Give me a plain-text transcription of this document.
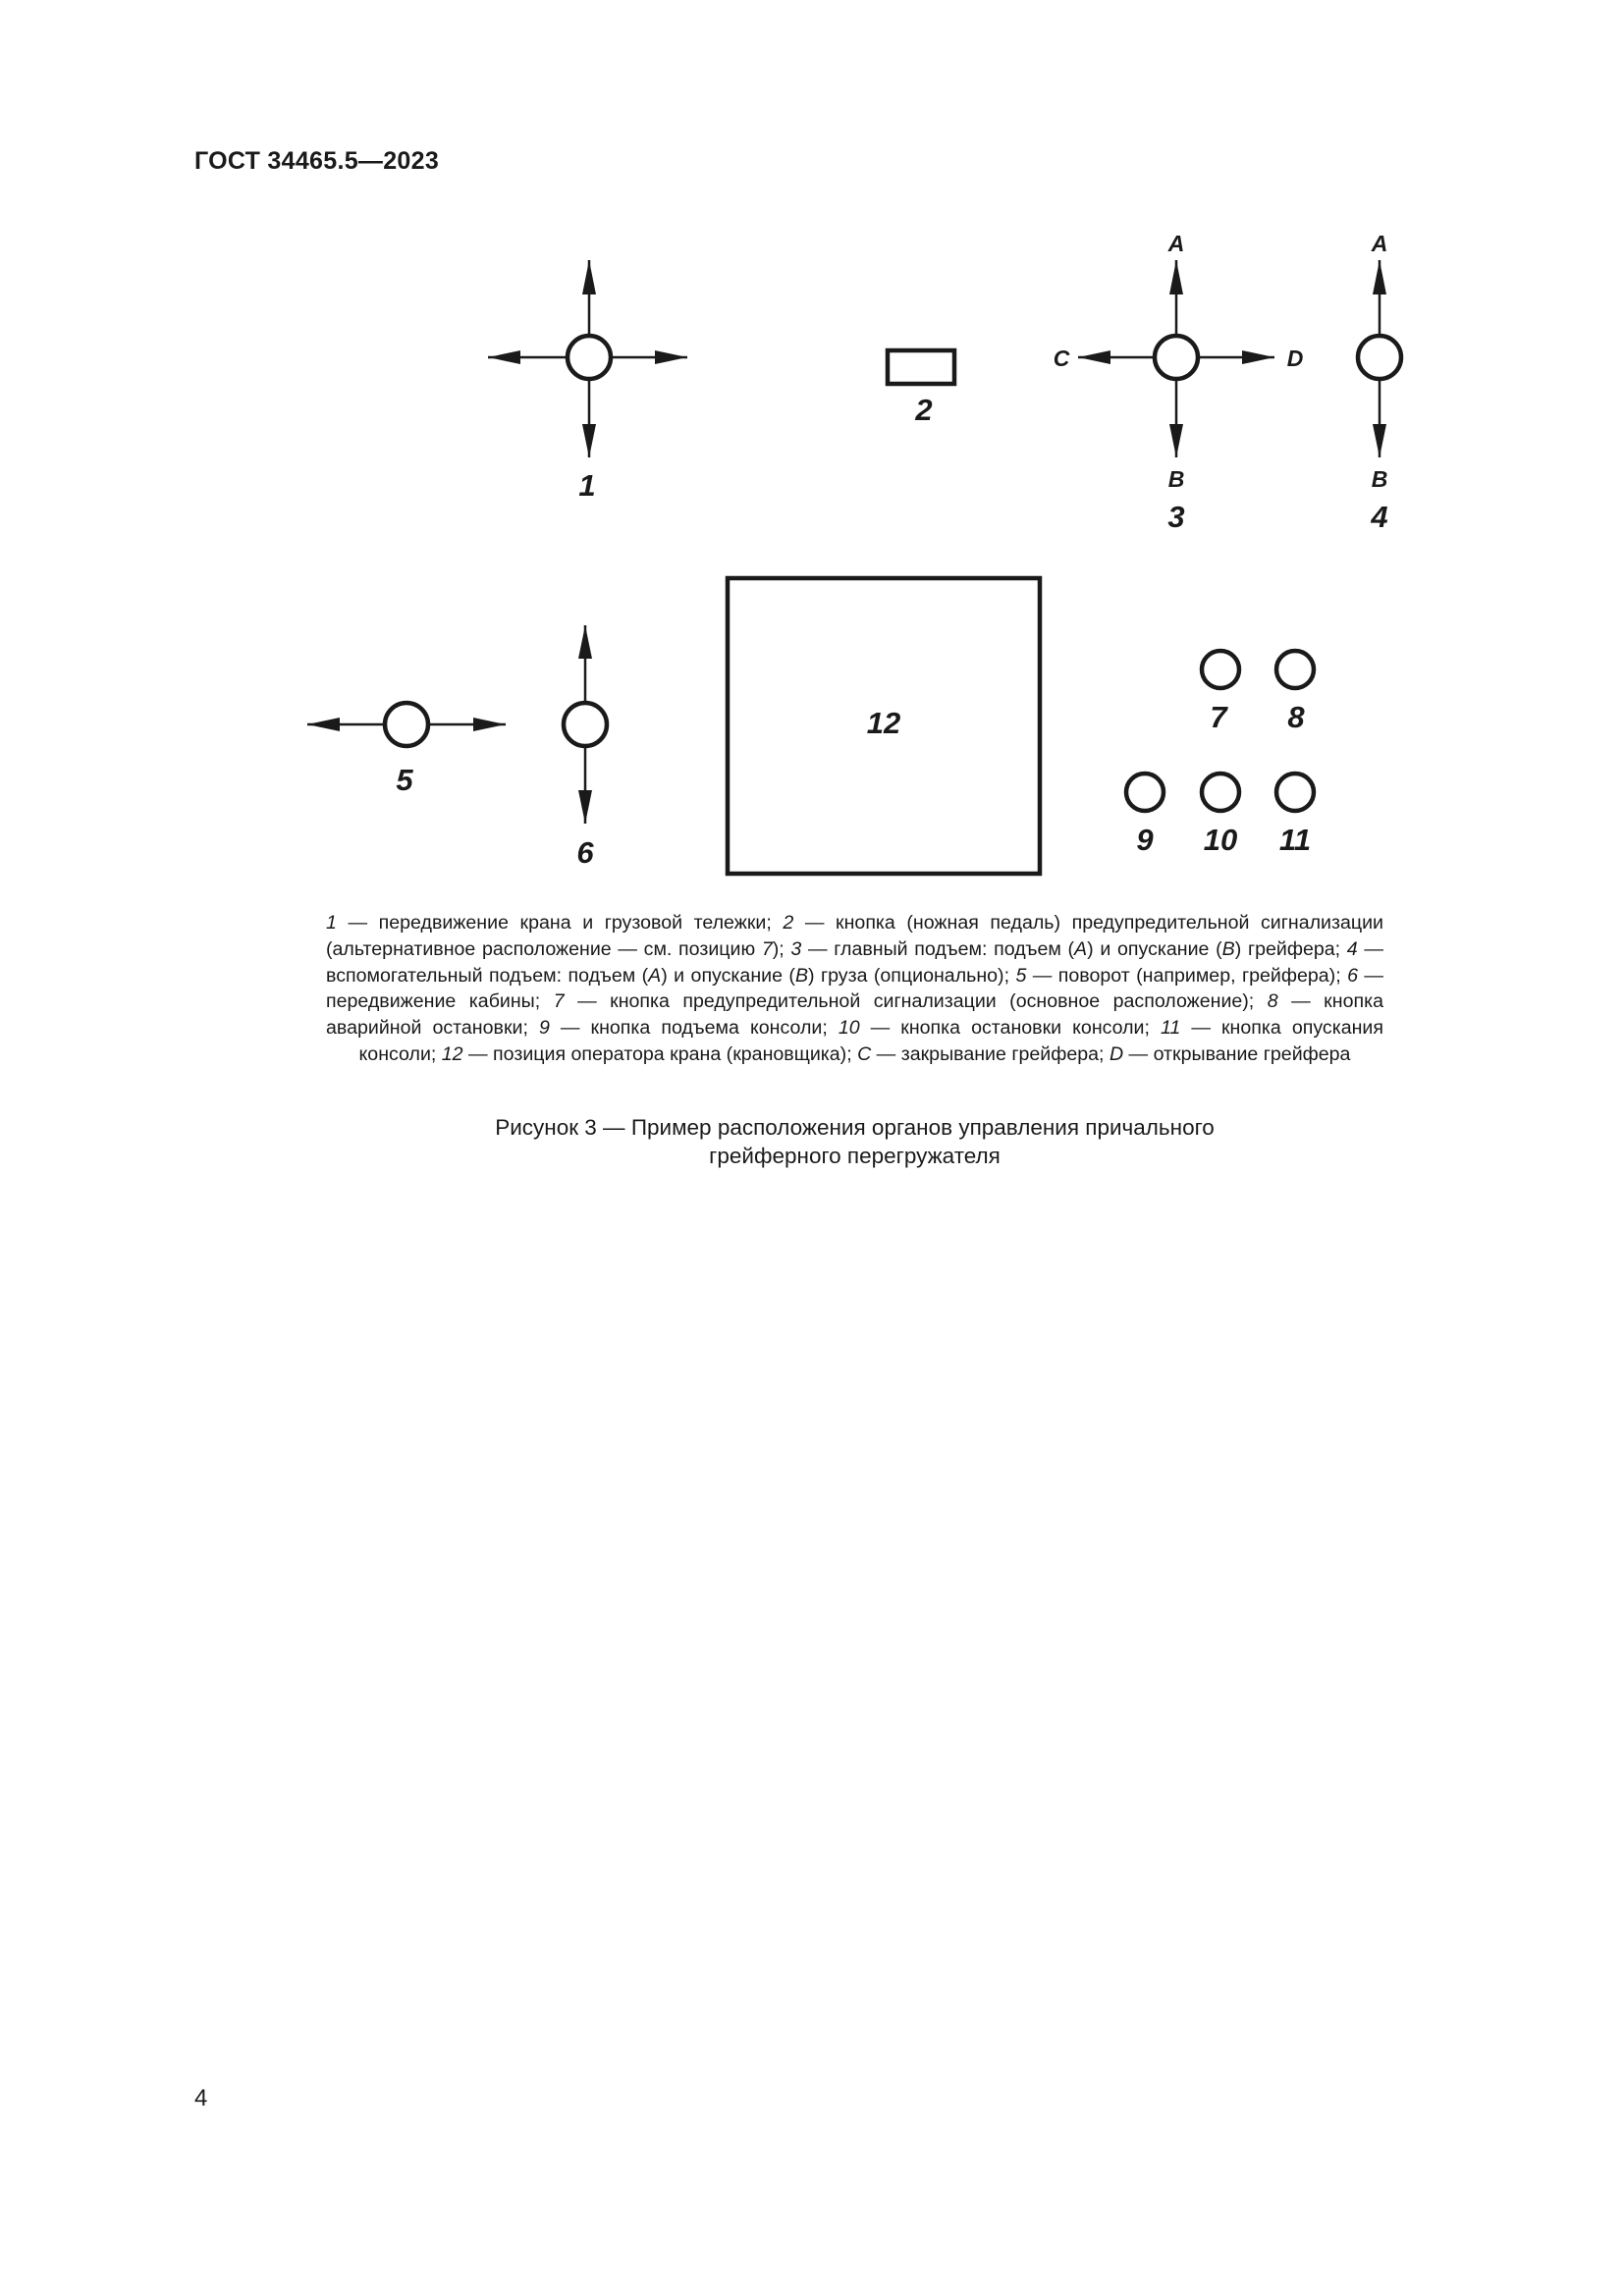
ГОСТ 34465.5—2023
1
2
A
B
C	D
3
A
B
4
5
6
12	7 8
9 10 11

1 — передвижение крана и грузовой тележки; 2 — кнопка (ножная педаль) предупредительной сигнализации (альтернативное расположение — см. позицию 7); 3 — главный подъем: подъем (A) и опускание (B) грейфера; 4 — вспомогательный подъем: подъем (A) и опускание (B) груза (опционально); 5 — поворот (например, грейфера); 6 — передвижение кабины; 7 — кнопка предупредительной сигнализации (основное расположение); 8 — кнопка аварийной остановки; 9 — кнопка подъема консоли; 10 — кнопка остановки консоли; 11 — кнопка опускания консоли; 12 — позиция оператора крана (крановщика); C — закрывание грейфера; D — открывание грейфера

Рисунок 3 — Пример расположения органов управления причального
грейферного перегружателя
4
